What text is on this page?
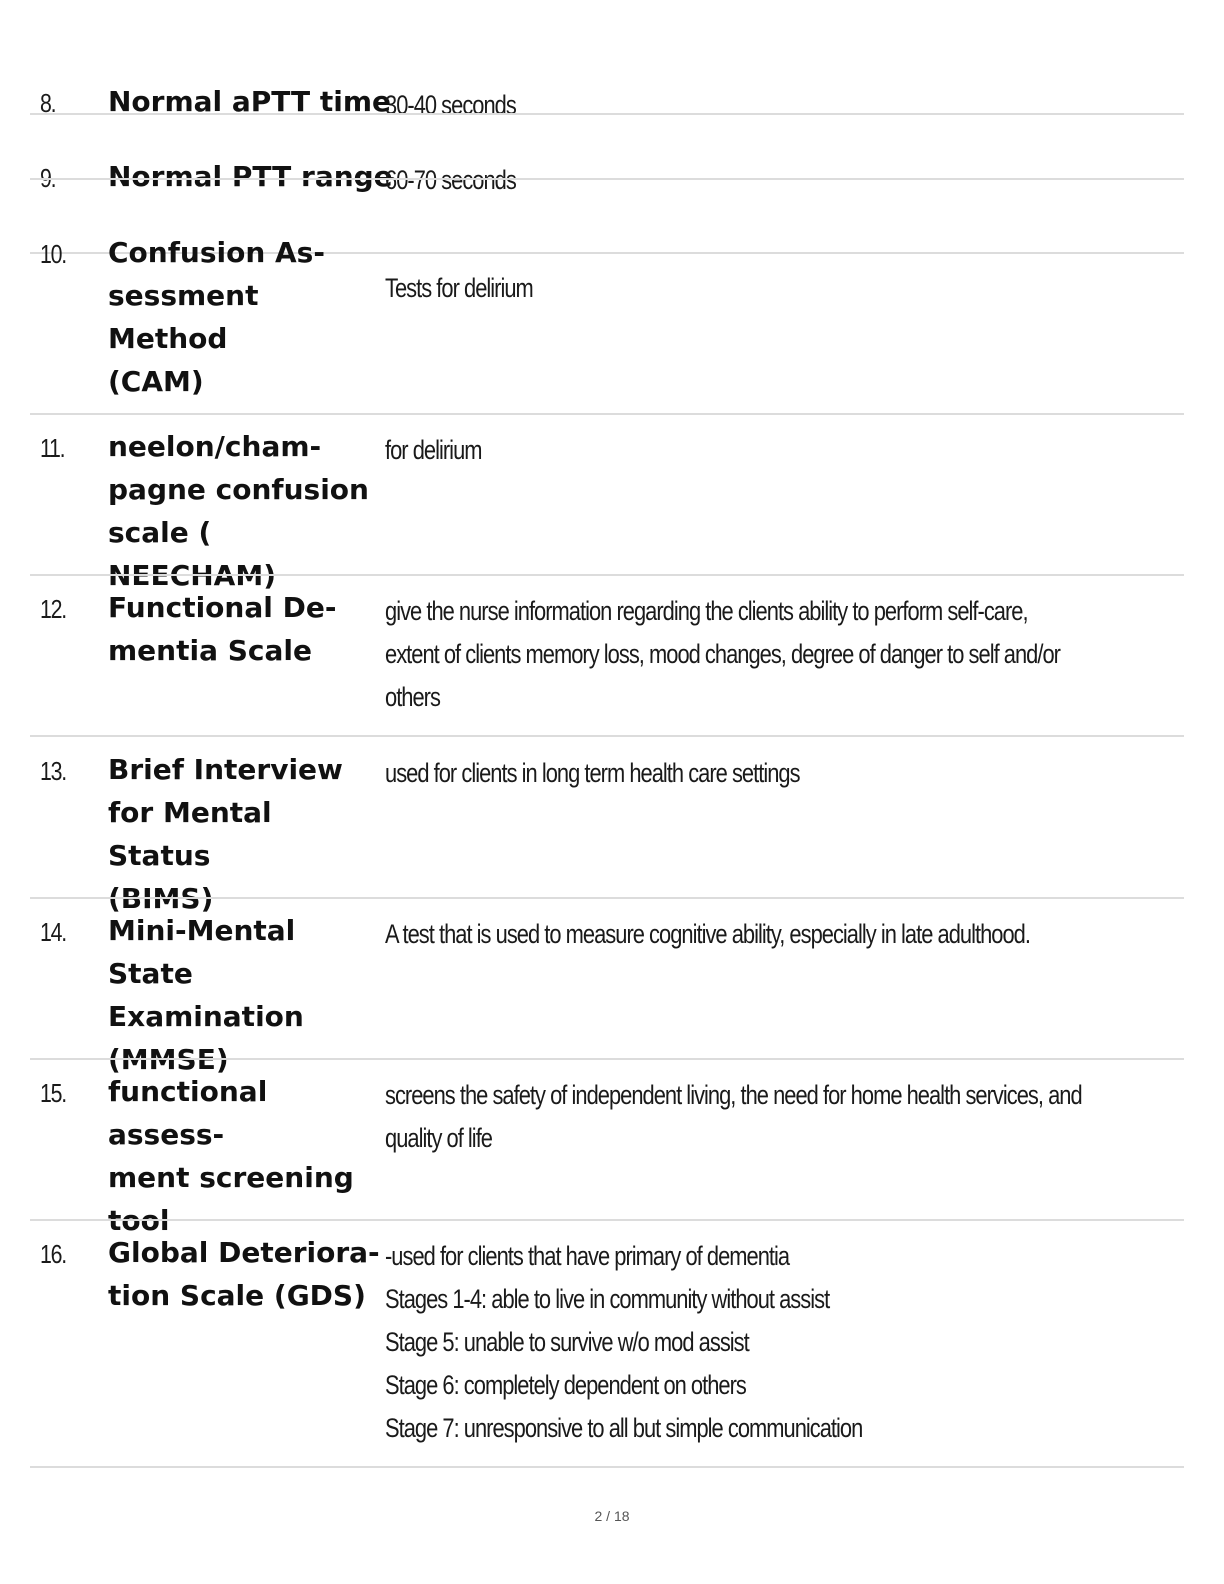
8. Normal aPTT time
30-40 seconds
9. Normal PTT range
60-70 seconds
10. Confusion As-
sessment Method
(CAM)
Tests for delirium
11. neelon/cham-
pagne confusion
scale ( NEECHAM)
for delirium
12. Functional De-
mentia Scale
give the nurse information regarding the clients ability to perform self-care,
extent of clients memory loss, mood changes, degree of danger to self and/or
others
13. Brief Interview
for Mental Status
(BIMS)
used for clients in long term health care settings
14. Mini-Mental State
Examination
(MMSE)
A test that is used to measure cognitive ability, especially in late adulthood.
15. functional assess-
ment screening
tool
screens the safety of independent living, the need for home health services, and
quality of life
16. Global Deteriora-
tion Scale (GDS)
-used for clients that have primary of dementia
Stages 1-4: able to live in community without assist
Stage 5: unable to survive w/o mod assist
Stage 6: completely dependent on others
Stage 7: unresponsive to all but simple communication
2 / 18
